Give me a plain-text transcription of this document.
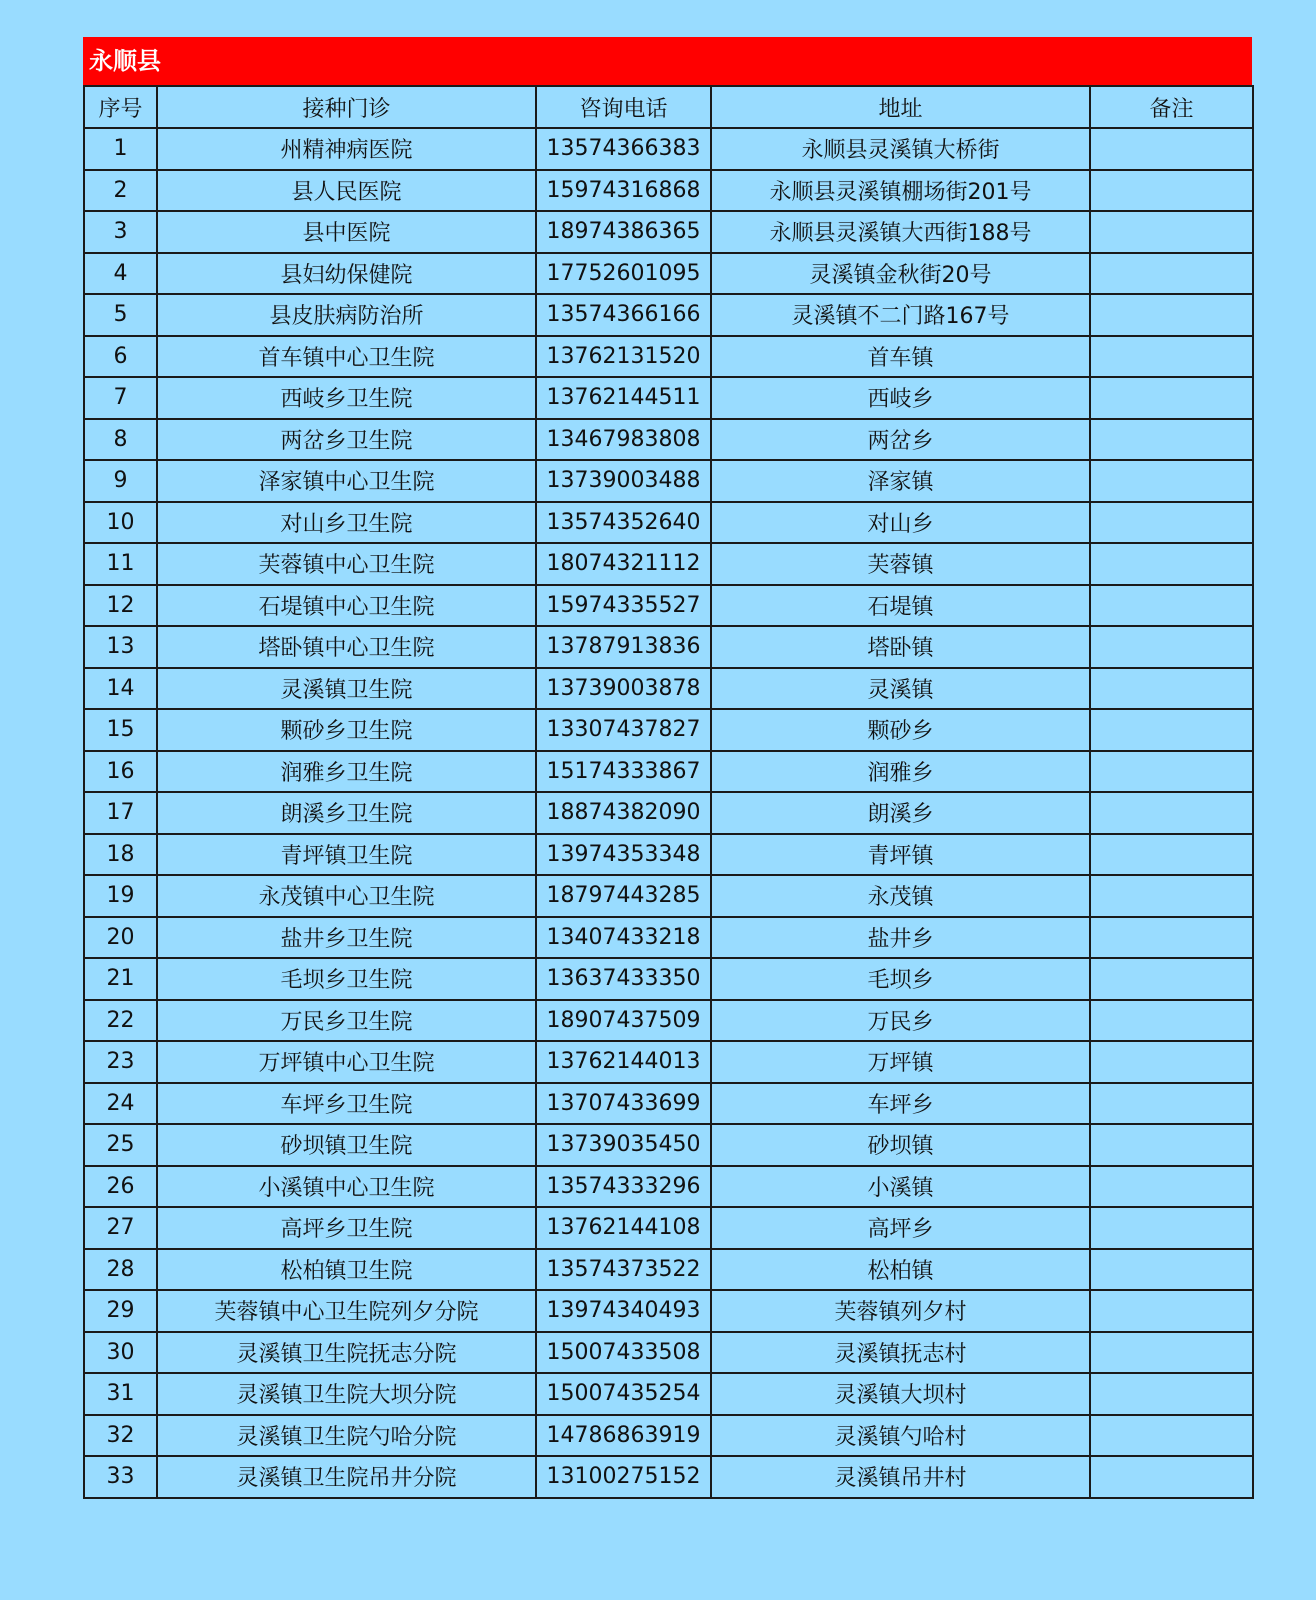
永顺县
序号	接种门诊	咨询电话	地址	备注
1	州精神病医院	13574366383	永顺县灵溪镇大桥街	
2	县人民医院	15974316868	永顺县灵溪镇棚场街201号	
3	县中医院	18974386365	永顺县灵溪镇大西街188号	
4	县妇幼保健院	17752601095	灵溪镇金秋街20号	
5	县皮肤病防治所	13574366166	灵溪镇不二门路167号	
6	首车镇中心卫生院	13762131520	首车镇	
7	西岐乡卫生院	13762144511	西岐乡	
8	两岔乡卫生院	13467983808	两岔乡	
9	泽家镇中心卫生院	13739003488	泽家镇	
10	对山乡卫生院	13574352640	对山乡	
11	芙蓉镇中心卫生院	18074321112	芙蓉镇	
12	石堤镇中心卫生院	15974335527	石堤镇	
13	塔卧镇中心卫生院	13787913836	塔卧镇	
14	灵溪镇卫生院	13739003878	灵溪镇	
15	颗砂乡卫生院	13307437827	颗砂乡	
16	润雅乡卫生院	15174333867	润雅乡	
17	朗溪乡卫生院	18874382090	朗溪乡	
18	青坪镇卫生院	13974353348	青坪镇	
19	永茂镇中心卫生院	18797443285	永茂镇	
20	盐井乡卫生院	13407433218	盐井乡	
21	毛坝乡卫生院	13637433350	毛坝乡	
22	万民乡卫生院	18907437509	万民乡	
23	万坪镇中心卫生院	13762144013	万坪镇	
24	车坪乡卫生院	13707433699	车坪乡	
25	砂坝镇卫生院	13739035450	砂坝镇	
26	小溪镇中心卫生院	13574333296	小溪镇	
27	高坪乡卫生院	13762144108	高坪乡	
28	松柏镇卫生院	13574373522	松柏镇	
29	芙蓉镇中心卫生院列夕分院	13974340493	芙蓉镇列夕村	
30	灵溪镇卫生院抚志分院	15007433508	灵溪镇抚志村	
31	灵溪镇卫生院大坝分院	15007435254	灵溪镇大坝村	
32	灵溪镇卫生院勺哈分院	14786863919	灵溪镇勺哈村	
33	灵溪镇卫生院吊井分院	13100275152	灵溪镇吊井村	
